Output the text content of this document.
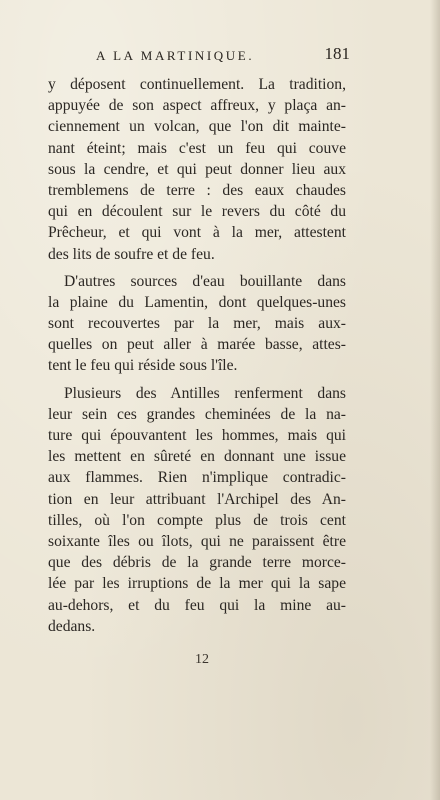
A LA MARTINIQUE.	181
y déposent continuellement. La tradition,
appuyée de son aspect affreux, y plaça an-
ciennement un volcan, que l'on dit mainte-
nant éteint; mais c'est un feu qui couve
sous la cendre, et qui peut donner lieu aux
tremblemens de terre : des eaux chaudes
qui en découlent sur le revers du côté du
Prêcheur, et qui vont à la mer, attestent
des lits de soufre et de feu.
D'autres sources d'eau bouillante dans
la plaine du Lamentin, dont quelques-unes
sont recouvertes par la mer, mais aux-
quelles on peut aller à marée basse, attes-
tent le feu qui réside sous l'île.
Plusieurs des Antilles renferment dans
leur sein ces grandes cheminées de la na-
ture qui épouvantent les hommes, mais qui
les mettent en sûreté en donnant une issue
aux flammes. Rien n'implique contradic-
tion en leur attribuant l'Archipel des An-
tilles, où l'on compte plus de trois cent
soixante îles ou îlots, qui ne paraissent être
que des débris de la grande terre morce-
lée par les irruptions de la mer qui la sape
au-dehors, et du feu qui la mine au-
dedans.
12
